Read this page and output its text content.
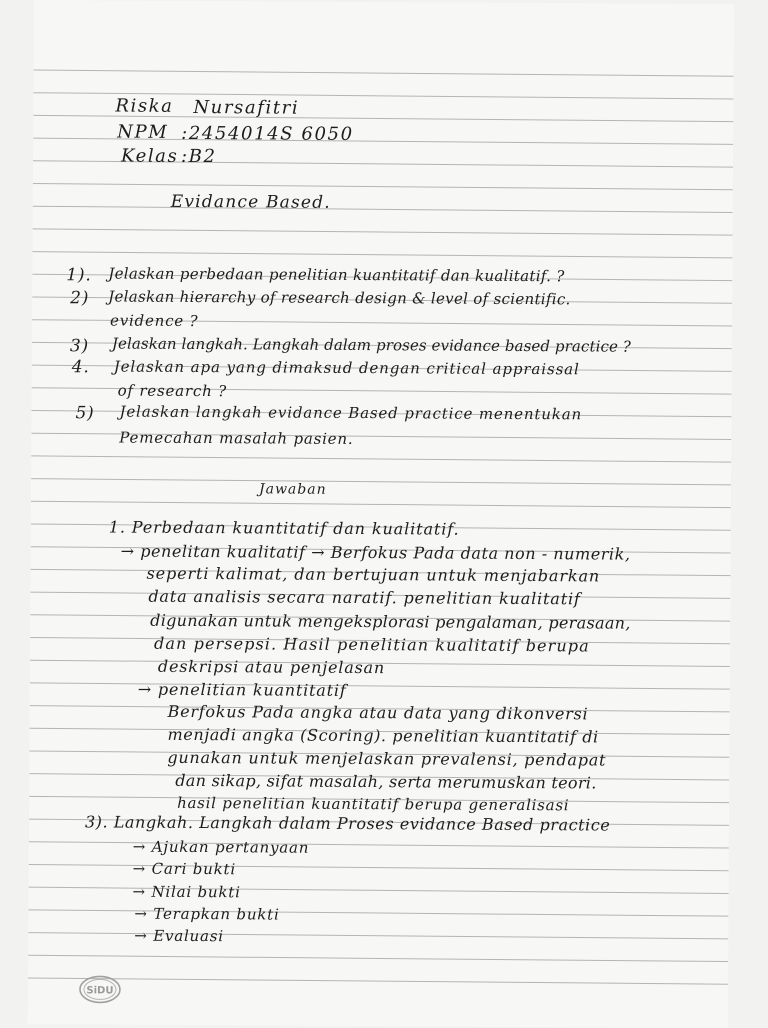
Riska Nursafitri
NPM :2454014S 6050
Kelas :B2
Evidance Based.
1). Jelaskan perbedaan penelitian kuantitatif dan kualitatif. ?
2) Jelaskan hierarchy of research design & level of scientific.
evidence ?
3) Jelaskan langkah. Langkah dalam proses evidance based practice ?
4. Jelaskan apa yang dimaksud dengan critical appraissal
of research ?
5) Jelaskan langkah evidance Based practice menentukan
Pemecahan masalah pasien.
Jawaban
1. Perbedaan kuantitatif dan kualitatif.
→ penelitan kualitatif → Berfokus Pada data non - numerik,
seperti kalimat, dan bertujuan untuk menjabarkan
data analisis secara naratif. penelitian kualitatif
digunakan untuk mengeksplorasi pengalaman, perasaan,
dan persepsi. Hasil penelitian kualitatif berupa
deskripsi atau penjelasan
→ penelitian kuantitatif
Berfokus Pada angka atau data yang dikonversi
menjadi angka (Scoring). penelitian kuantitatif di
gunakan untuk menjelaskan prevalensi, pendapat
dan sikap, sifat masalah, serta merumuskan teori.
hasil penelitian kuantitatif berupa generalisasi
3). Langkah. Langkah dalam Proses evidance Based practice
→ Ajukan pertanyaan
→ Cari bukti
→ Nilai bukti
→ Terapkan bukti
→ Evaluasi
SiDU
